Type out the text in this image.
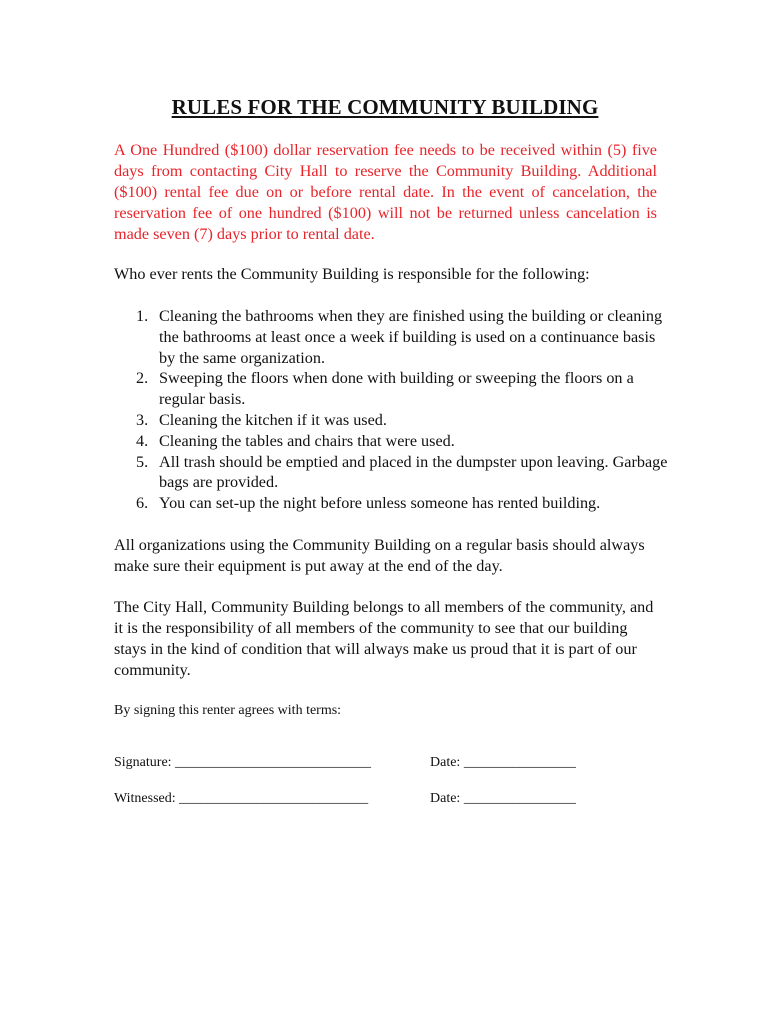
RULES FOR THE COMMUNITY BUILDING

A One Hundred ($100) dollar reservation fee needs to be received within (5) five days from contacting City Hall to reserve the Community Building. Additional ($100) rental fee due on or before rental date. In the event of cancelation, the reservation fee of one hundred ($100) will not be returned unless cancelation is made seven (7) days prior to rental date.

Who ever rents the Community Building is responsible for the following:

1. Cleaning the bathrooms when they are finished using the building or cleaning the bathrooms at least once a week if building is used on a continuance basis by the same organization.
2. Sweeping the floors when done with building or sweeping the floors on a regular basis.
3. Cleaning the kitchen if it was used.
4. Cleaning the tables and chairs that were used.
5. All trash should be emptied and placed in the dumpster upon leaving. Garbage bags are provided.
6. You can set-up the night before unless someone has rented building.

All organizations using the Community Building on a regular basis should always make sure their equipment is put away at the end of the day.

The City Hall, Community Building belongs to all members of the community, and it is the responsibility of all members of the community to see that our building stays in the kind of condition that will always make us proud that it is part of our community.

By signing this renter agrees with terms:

Signature: ____________________________	Date: ________________

Witnessed: ___________________________	Date: ________________
